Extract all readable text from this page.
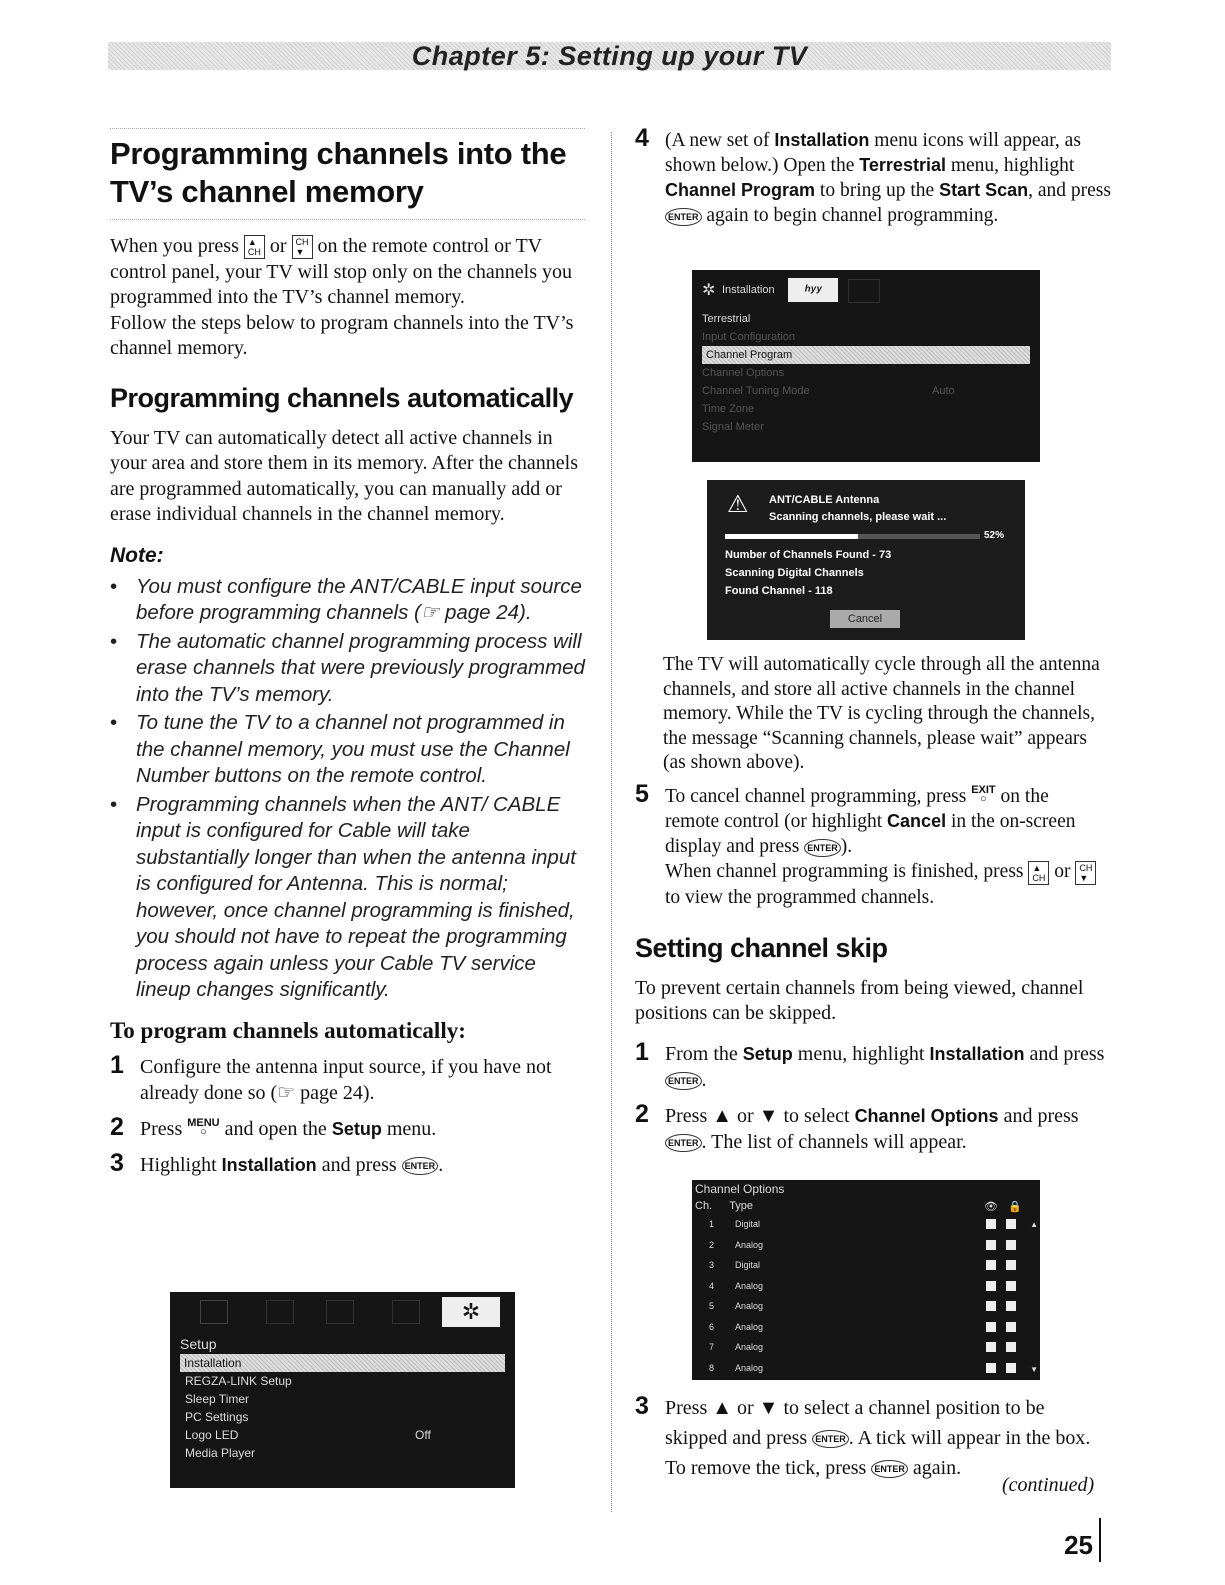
Chapter 5: Setting up your TV
Programming channels into the TV’s channel memory

When you press ▲
CH or CH
▼ on the remote control or TV control panel, your TV will stop only on the channels you programmed into the TV’s channel memory.

Follow the steps below to program channels into the TV’s channel memory.

Programming channels automatically

Your TV can automatically detect all active channels in your area and store them in its memory. After the channels are programmed automatically, you can manually add or erase individual channels in the channel memory.

Note:
• You must configure the ANT/CABLE input source before programming channels (☞ page 24).
• The automatic channel programming process will erase channels that were previously programmed into the TV’s memory.
• To tune the TV to a channel not programmed in the channel memory, you must use the Channel Number buttons on the remote control.
• Programming channels when the ANT/ CABLE input is configured for Cable will take substantially longer than when the antenna input is configured for Antenna. This is normal; however, once channel programming is finished, you should not have to repeat the programming process again unless your Cable TV service lineup changes significantly.
To program channels automatically:
1 Configure the antenna input source, if you have not already done so (☞ page 24).
2 Press MENU
○ and open the Setup menu.
3 Highlight Installation and press ENTER .
✲
Setup
Installation
REGZA-LINK Setup
Sleep Timer
PC Settings
Logo LED	Off
Media Player
4 (A new set of Installation menu icons will appear, as shown below.) Open the Terrestrial menu, highlight Channel Program to bring up the Start Scan, and press ENTER again to begin channel programming.
✲ Installation	ʰʸʸ
Terrestrial
Input Configuration
Channel Program
Channel Options
Channel Tuning Mode	Auto
Time Zone
Signal Meter
⚠ ANT/CABLE Antenna
Scanning channels, please wait ...
52%
Number of Channels Found - 73
Scanning Digital Channels
Found Channel - 118
Cancel

The TV will automatically cycle through all the antenna channels, and store all active channels in the channel memory. While the TV is cycling through the channels, the message “Scanning channels, please wait” appears (as shown above).

5 To cancel channel programming, press EXIT
○ on the remote control (or highlight Cancel in the on-screen display and press ENTER ).
When channel programming is finished, press ▲
CH or CH
▼ to view the programmed channels.
Setting channel skip

To prevent certain channels from being viewed, channel positions can be skipped.

1 From the Setup menu, highlight Installation and press ENTER .
2 Press ▲ or ▼ to select Channel Options and press ENTER . The list of channels will appear.
Channel Options
Ch. Type	👁 🔒
1 Digital
2 Analog
3 Digital
4 Analog
5 Analog
6 Analog
7 Analog
8 Analog
▲
▼
3 Press ▲ or ▼ to select a channel position to be skipped and press ENTER . A tick will appear in the box. To remove the tick, press ENTER again.
(continued)
25
